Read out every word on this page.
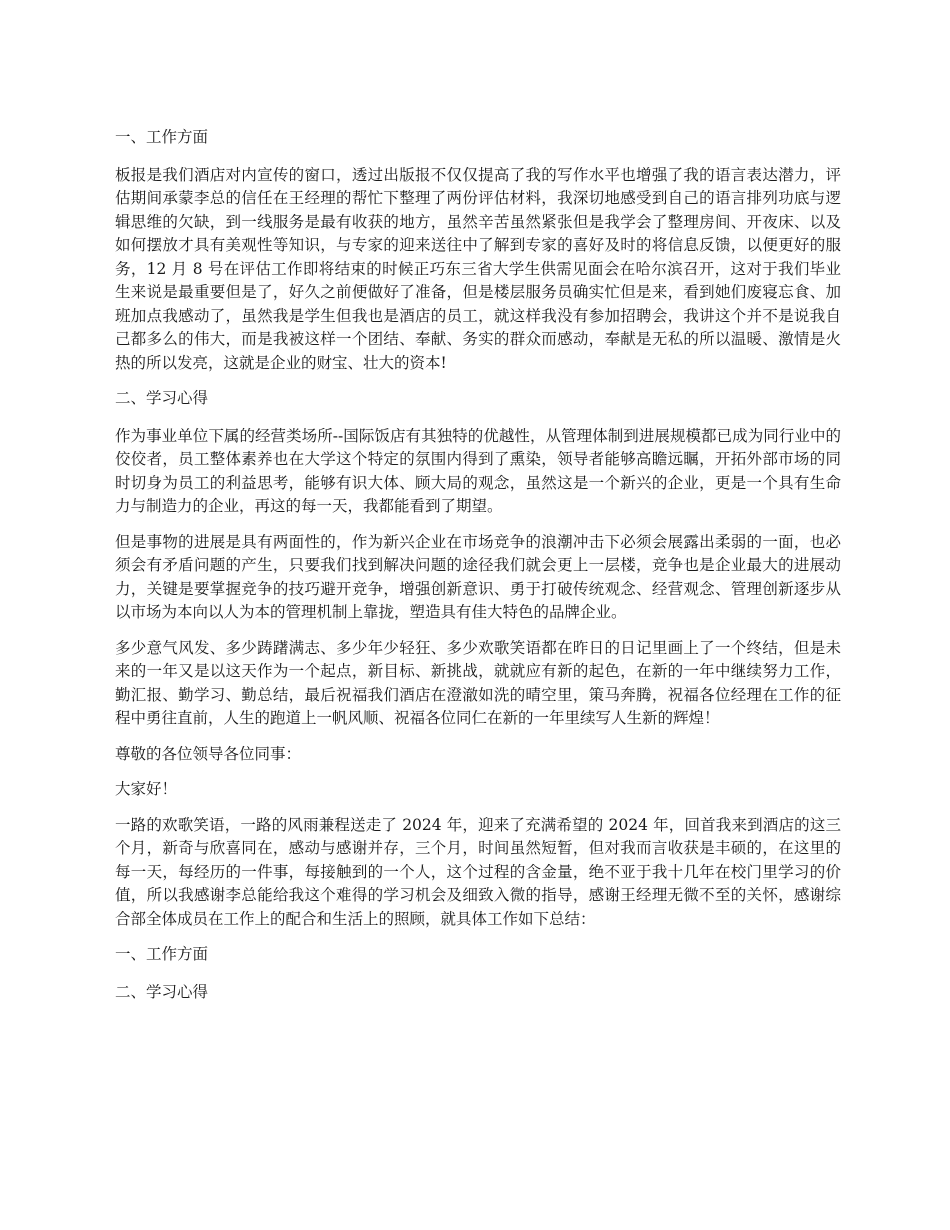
一、工作方面

板报是我们酒店对内宣传的窗口，透过出版报不仅仅提高了我的写作水平也增强了我的语言表达潜力，评估期间承蒙李总的信任在王经理的帮忙下整理了两份评估材料，我深切地感受到自己的语言排列功底与逻辑思维的欠缺，到一线服务是最有收获的地方，虽然辛苦虽然紧张但是我学会了整理房间、开夜床、以及如何摆放才具有美观性等知识，与专家的迎来送往中了解到专家的喜好及时的将信息反馈，以便更好的服务，12 月 8 号在评估工作即将结束的时候正巧东三省大学生供需见面会在哈尔滨召开，这对于我们毕业生来说是最重要但是了，好久之前便做好了准备，但是楼层服务员确实忙但是来，看到她们废寝忘食、加班加点我感动了，虽然我是学生但我也是酒店的员工，就这样我没有参加招聘会，我讲这个并不是说我自己都多么的伟大，而是我被这样一个团结、奉献、务实的群众而感动，奉献是无私的所以温暖、激情是火热的所以发亮，这就是企业的财宝、壮大的资本!

二、学习心得

作为事业单位下属的经营类场所--国际饭店有其独特的优越性，从管理体制到进展规模都已成为同行业中的佼佼者，员工整体素养也在大学这个特定的氛围内得到了熏染，领导者能够高瞻远瞩，开拓外部市场的同时切身为员工的利益思考，能够有识大体、顾大局的观念，虽然这是一个新兴的企业，更是一个具有生命力与制造力的企业，再这的每一天，我都能看到了期望。

但是事物的进展是具有两面性的，作为新兴企业在市场竞争的浪潮冲击下必须会展露出柔弱的一面，也必须会有矛盾问题的产生，只要我们找到解决问题的途径我们就会更上一层楼，竞争也是企业最大的进展动力，关键是要掌握竞争的技巧避开竞争，增强创新意识、勇于打破传统观念、经营观念、管理创新逐步从以市场为本向以人为本的管理机制上靠拢，塑造具有佳大特色的品牌企业。

多少意气风发、多少踌躇满志、多少年少轻狂、多少欢歌笑语都在昨日的日记里画上了一个终结，但是未来的一年又是以这天作为一个起点，新目标、新挑战，就就应有新的起色，在新的一年中继续努力工作，勤汇报、勤学习、勤总结，最后祝福我们酒店在澄澈如洗的晴空里，策马奔腾，祝福各位经理在工作的征程中勇往直前，人生的跑道上一帆风顺、祝福各位同仁在新的一年里续写人生新的辉煌！

尊敬的各位领导各位同事：

大家好！

一路的欢歌笑语，一路的风雨兼程送走了 2024 年，迎来了充满希望的 2024 年，回首我来到酒店的这三个月，新奇与欣喜同在，感动与感谢并存，三个月，时间虽然短暂，但对我而言收获是丰硕的，在这里的每一天，每经历的一件事，每接触到的一个人，这个过程的含金量，绝不亚于我十几年在校门里学习的价值，所以我感谢李总能给我这个难得的学习机会及细致入微的指导，感谢王经理无微不至的关怀，感谢综合部全体成员在工作上的配合和生活上的照顾，就具体工作如下总结：

一、工作方面

二、学习心得
